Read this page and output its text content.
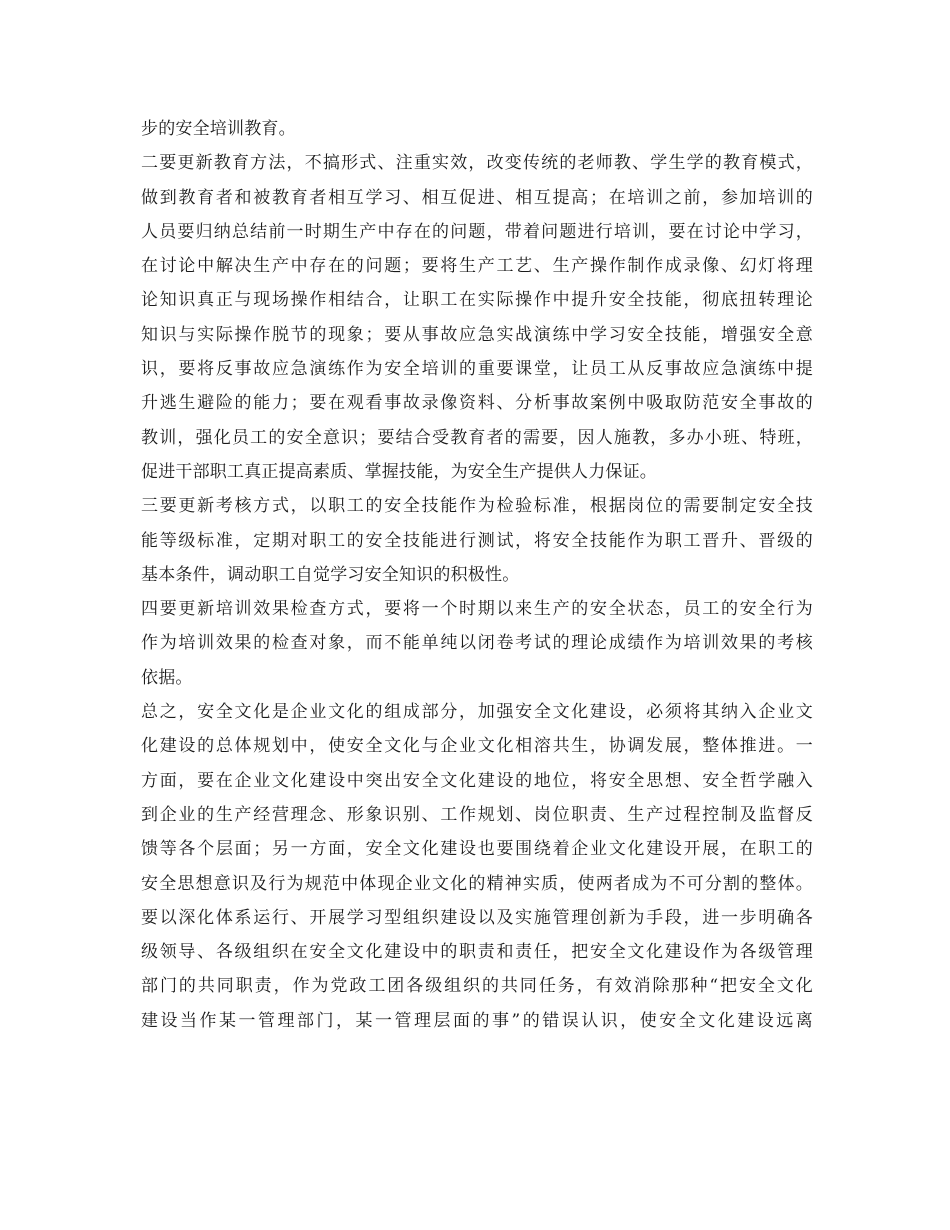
步的安全培训教育。
二要更新教育方法，不搞形式、注重实效，改变传统的老师教、学生学的教育模式，
做到教育者和被教育者相互学习、相互促进、相互提高；在培训之前，参加培训的
人员要归纳总结前一时期生产中存在的问题，带着问题进行培训，要在讨论中学习，
在讨论中解决生产中存在的问题；要将生产工艺、生产操作制作成录像、幻灯将理
论知识真正与现场操作相结合，让职工在实际操作中提升安全技能，彻底扭转理论
知识与实际操作脱节的现象；要从事故应急实战演练中学习安全技能，增强安全意
识，要将反事故应急演练作为安全培训的重要课堂，让员工从反事故应急演练中提
升逃生避险的能力；要在观看事故录像资料、分析事故案例中吸取防范安全事故的
教训，强化员工的安全意识；要结合受教育者的需要，因人施教，多办小班、特班，
促进干部职工真正提高素质、掌握技能，为安全生产提供人力保证。
三要更新考核方式，以职工的安全技能作为检验标准，根据岗位的需要制定安全技
能等级标准，定期对职工的安全技能进行测试，将安全技能作为职工晋升、晋级的
基本条件，调动职工自觉学习安全知识的积极性。
四要更新培训效果检查方式，要将一个时期以来生产的安全状态，员工的安全行为
作为培训效果的检查对象，而不能单纯以闭卷考试的理论成绩作为培训效果的考核
依据。
总之，安全文化是企业文化的组成部分，加强安全文化建设，必须将其纳入企业文
化建设的总体规划中，使安全文化与企业文化相溶共生，协调发展，整体推进。一
方面，要在企业文化建设中突出安全文化建设的地位，将安全思想、安全哲学融入
到企业的生产经营理念、形象识别、工作规划、岗位职责、生产过程控制及监督反
馈等各个层面；另一方面，安全文化建设也要围绕着企业文化建设开展，在职工的
安全思想意识及行为规范中体现企业文化的精神实质，使两者成为不可分割的整体。
要以深化体系运行、开展学习型组织建设以及实施管理创新为手段，进一步明确各
级领导、各级组织在安全文化建设中的职责和责任，把安全文化建设作为各级管理
部门的共同职责，作为党政工团各级组织的共同任务，有效消除那种“把安全文化
建设当作某一管理部门，某一管理层面的事”的错误认识，使安全文化建设远离
